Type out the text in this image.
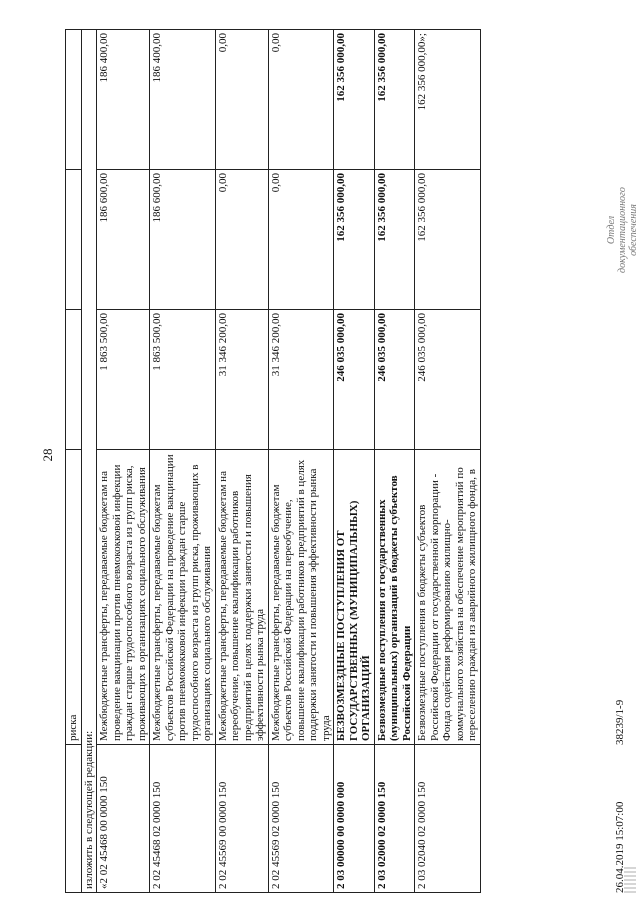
28
	риска			
изложить в следующей редакции:				
«2 02 45468 00 0000 150	Межбюджетные трансферты, передаваемые бюджетам на проведение вакцинации против пневмококковой инфекции граждан старше трудоспособного возраста из групп риска, проживающих в организациях социального обслуживания	1 863 500,00	186 600,00	186 400,00
2 02 45468 02 0000 150	Межбюджетные трансферты, передаваемые бюджетам субъектов Российской Федерации на проведение вакцинации против пневмококковой инфекции граждан старше трудоспособного возраста из групп риска, проживающих в организациях социального обслуживания	1 863 500,00	186 600,00	186 400,00
2 02 45569 00 0000 150	Межбюджетные трансферты, передаваемые бюджетам на переобучение, повышение квалификации работников предприятий в целях поддержки занятости и повышения эффективности рынка труда	31 346 200,00	0,00	0,00
2 02 45569 02 0000 150	Межбюджетные трансферты, передаваемые бюджетам субъектов Российской Федерации на переобучение, повышение квалификации работников предприятий в целях поддержки занятости и повышения эффективности рынка труда	31 346 200,00	0,00	0,00
2 03 00000 00 0000 000	БЕЗВОЗМЕЗДНЫЕ ПОСТУПЛЕНИЯ ОТ ГОСУДАРСТВЕННЫХ (МУНИЦИПАЛЬНЫХ) ОРГАНИЗАЦИЙ	246 035 000,00	162 356 000,00	162 356 000,00
2 03 02000 02 0000 150	Безвозмездные поступления от государственных (муниципальных) организаций в бюджеты субъектов Российской Федерации	246 035 000,00	162 356 000,00	162 356 000,00
2 03 02040 02 0000 150	Безвозмездные поступления в бюджеты субъектов Российской Федерации от государственной корпорации - Фонда содействия реформированию жилищно-коммунального хозяйства на обеспечение мероприятий по переселению граждан из аварийного жилищного фонда, в	246 035 000,00	162 356 000,00	162 356 000,00»;
26.04.2019 15:07:00
38239/1-9
Отдел документационного обеспечения
